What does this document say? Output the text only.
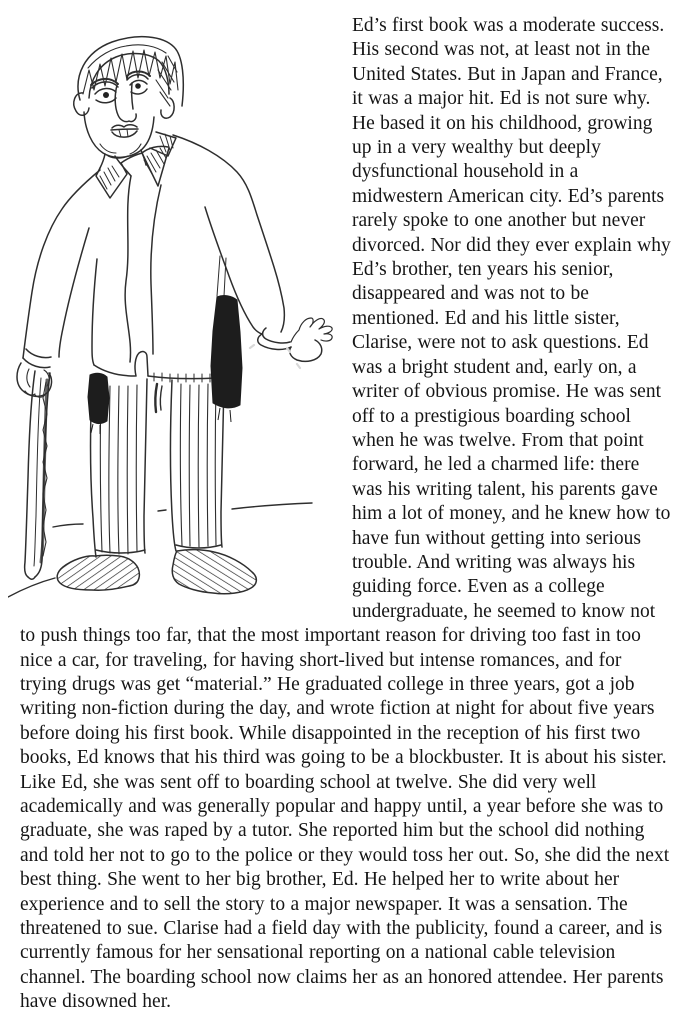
Ed’s first book was a moderate success. His second was not, at least not in the United States. But in Japan and France, it was a major hit. Ed is not sure why. He based it on his childhood, growing up in a very wealthy but deeply dysfunctional household in a midwestern American city. Ed’s parents rarely spoke to one another but never divorced. Nor did they ever explain why Ed’s brother, ten years his senior, disappeared and was not to be mentioned. Ed and his little sister, Clarise, were not to ask questions. Ed was a bright student and, early on, a writer of obvious promise. He was sent off to a prestigious boarding school when he was twelve. From that point forward, he led a charmed life: there was his writing talent, his parents gave him a lot of money, and he knew how to have fun without getting into serious trouble. And writing was always his guiding force. Even as a college undergraduate, he seemed to know not to push things too far, that the most important reason for driving too fast in too nice a car, for traveling, for having short-lived but intense romances, and for trying drugs was get “material.” He graduated college in three years, got a job writing non-fiction during the day, and wrote fiction at night for about five years before doing his first book. While disappointed in the reception of his first two books, Ed knows that his third was going to be a blockbuster. It is about his sister. Like Ed, she was sent off to boarding school at twelve. She did very well academically and was generally popular and happy until, a year before she was to graduate, she was raped by a tutor. She reported him but the school did nothing and told her not to go to the police or they would toss her out. So, she did the next best thing. She went to her big brother, Ed. He helped her to write about her experience and to sell the story to a major newspaper. It was a sensation. The threatened to sue. Clarise had a field day with the publicity, found a career, and is currently famous for her sensational reporting on a national cable television channel. The boarding school now claims her as an honored attendee. Her parents have disowned her.
